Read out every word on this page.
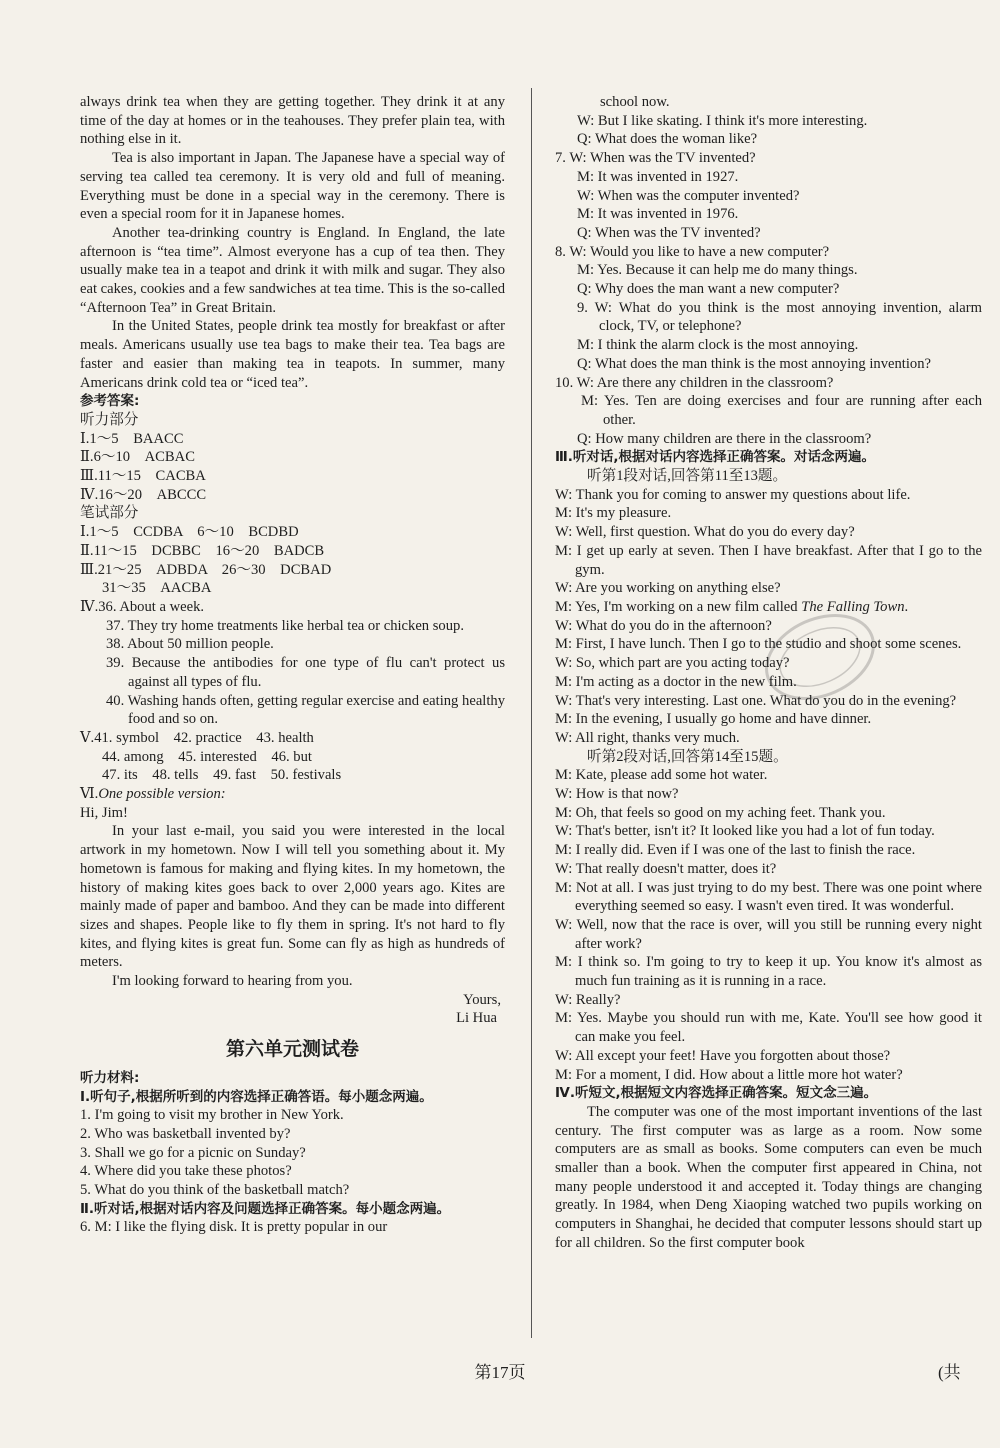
always drink tea when they are getting together. They drink it at any time of the day at homes or in the teahouses. They prefer plain tea, with nothing else in it.

Tea is also important in Japan. The Japanese have a special way of serving tea called tea ceremony. It is very old and full of meaning. Everything must be done in a special way in the ceremony. There is even a special room for it in Japanese homes.

Another tea-drinking country is England. In England, the late afternoon is “tea time”. Almost everyone has a cup of tea then. They usually make tea in a teapot and drink it with milk and sugar. They also eat cakes, cookies and a few sandwiches at tea time. This is the so-called “Afternoon Tea” in Great Britain.

In the United States, people drink tea mostly for breakfast or after meals. Americans usually use tea bags to make their tea. Tea bags are faster and easier than making tea in teapots. In summer, many Americans drink cold tea or “iced tea”.

参考答案:

听力部分

Ⅰ.1～5　BAACC

Ⅱ.6～10　ACBAC

Ⅲ.11～15　CACBA

Ⅳ.16～20　ABCCC

笔试部分

Ⅰ.1～5　CCDBA　6～10　BCDBD

Ⅱ.11～15　DCBBC　16～20　BADCB

Ⅲ.21～25　ADBDA　26～30　DCBAD

31～35　AACBA

Ⅳ.36. About a week.

37. They try home treatments like herbal tea or chicken soup.

38. About 50 million people.

39. Because the antibodies for one type of flu can't protect us against all types of flu.

40. Washing hands often, getting regular exercise and eating healthy food and so on.

Ⅴ.41. symbol　42. practice　43. health

44. among　45. interested　46. but

47. its　48. tells　49. fast　50. festivals

Ⅵ.One possible version:

Hi, Jim!

In your last e-mail, you said you were interested in the local artwork in my hometown. Now I will tell you something about it. My hometown is famous for making and flying kites. In my hometown, the history of making kites goes back to over 2,000 years ago. Kites are mainly made of paper and bamboo. And they can be made into different sizes and shapes. People like to fly them in spring. It's not hard to fly kites, and flying kites is great fun. Some can fly as high as hundreds of meters.

I'm looking forward to hearing from you.

Yours,

Li Hua

第六单元测试卷

听力材料:

Ⅰ.听句子,根据所听到的内容选择正确答语。每小题念两遍。

1. I'm going to visit my brother in New York.

2. Who was basketball invented by?

3. Shall we go for a picnic on Sunday?

4. Where did you take these photos?

5. What do you think of the basketball match?

Ⅱ.听对话,根据对话内容及问题选择正确答案。每小题念两遍。

6. M: I like the flying disk. It is pretty popular in our

school now.

W: But I like skating. I think it's more interesting.

Q: What does the woman like?

7. W: When was the TV invented?

M: It was invented in 1927.

W: When was the computer invented?

M: It was invented in 1976.

Q: When was the TV invented?

8. W: Would you like to have a new computer?

M: Yes. Because it can help me do many things.

Q: Why does the man want a new computer?

9. W: What do you think is the most annoying invention, alarm clock, TV, or telephone?

M: I think the alarm clock is the most annoying.

Q: What does the man think is the most annoying invention?

10. W: Are there any children in the classroom?

M: Yes. Ten are doing exercises and four are running after each other.

Q: How many children are there in the classroom?

Ⅲ.听对话,根据对话内容选择正确答案。对话念两遍。

听第1段对话,回答第11至13题。

W: Thank you for coming to answer my questions about life.

M: It's my pleasure.

W: Well, first question. What do you do every day?

M: I get up early at seven. Then I have breakfast. After that I go to the gym.

W: Are you working on anything else?

M: Yes, I'm working on a new film called The Falling Town.

W: What do you do in the afternoon?

M: First, I have lunch. Then I go to the studio and shoot some scenes.

W: So, which part are you acting today?

M: I'm acting as a doctor in the new film.

W: That's very interesting. Last one. What do you do in the evening?

M: In the evening, I usually go home and have dinner.

W: All right, thanks very much.

听第2段对话,回答第14至15题。

M: Kate, please add some hot water.

W: How is that now?

M: Oh, that feels so good on my aching feet. Thank you.

W: That's better, isn't it? It looked like you had a lot of fun today.

M: I really did. Even if I was one of the last to finish the race.

W: That really doesn't matter, does it?

M: Not at all. I was just trying to do my best. There was one point where everything seemed so easy. I wasn't even tired. It was wonderful.

W: Well, now that the race is over, will you still be running every night after work?

M: I think so. I'm going to try to keep it up. You know it's almost as much fun training as it is running in a race.

W: Really?

M: Yes. Maybe you should run with me, Kate. You'll see how good it can make you feel.

W: All except your feet! Have you forgotten about those?

M: For a moment, I did. How about a little more hot water?

Ⅳ.听短文,根据短文内容选择正确答案。短文念三遍。

The computer was one of the most important inventions of the last century. The first computer was as large as a room. Now some computers are as small as books. Some computers can even be much smaller than a book. When the computer first appeared in China, not many people understood it and accepted it. Today things are changing greatly. In 1984, when Deng Xiaoping watched two pupils working on computers in Shanghai, he decided that computer lessons should start up for all children. So the first computer book

第17页	(共
